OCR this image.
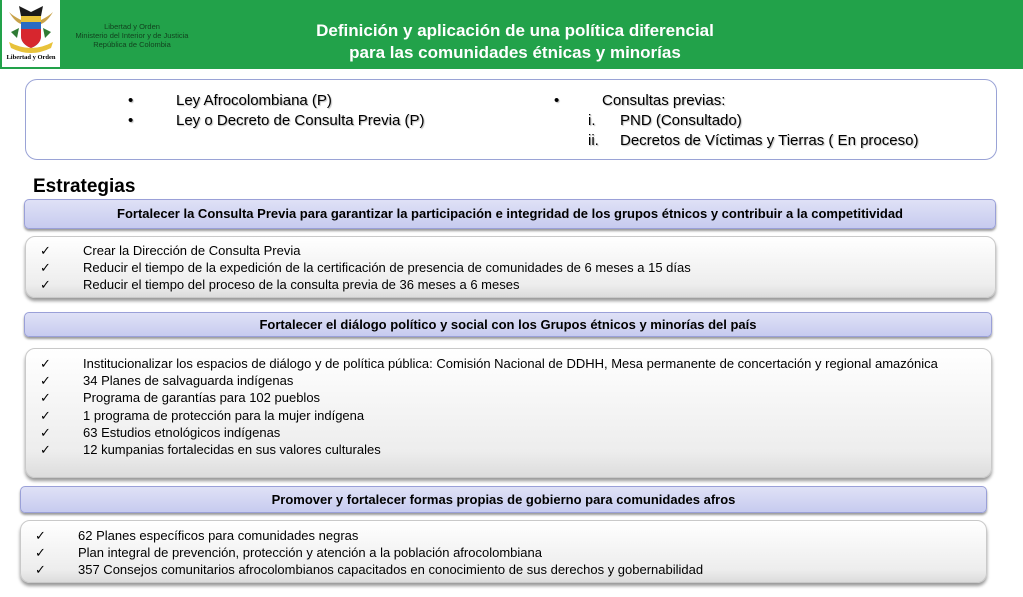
Libertad y Orden
Libertad y Orden
Ministerio del Interior y de Justicia
República de Colombia
Definición y aplicación de una política diferencial
para las comunidades étnicas y minorías
•	Ley Afrocolombiana (P)
•	Ley o Decreto de Consulta Previa (P)
•	Consultas previas:
i. PND (Consultado)
ii. Decretos de Víctimas y Tierras ( En proceso)
Estrategias
Fortalecer la Consulta Previa para garantizar la participación e integridad de los grupos étnicos y contribuir a la competitividad
✓ Crear la Dirección de Consulta Previa
✓ Reducir el tiempo de la expedición de la certificación de presencia de comunidades de 6 meses a 15 días
✓ Reducir el tiempo del proceso de la consulta previa de 36 meses a 6 meses
Fortalecer el diálogo político y social con los Grupos étnicos y minorías del país
✓ Institucionalizar los espacios de diálogo y de política pública: Comisión Nacional de DDHH, Mesa permanente de concertación y regional amazónica
✓ 34 Planes de salvaguarda indígenas
✓ Programa de garantías para 102 pueblos
✓ 1 programa de protección para la mujer indígena
✓ 63 Estudios etnológicos indígenas
✓ 12 kumpanias fortalecidas en sus valores culturales
Promover y fortalecer formas propias de gobierno para comunidades afros
✓ 62 Planes específicos para comunidades negras
✓ Plan integral de prevención, protección y atención a la población afrocolombiana
✓ 357 Consejos comunitarios afrocolombianos capacitados en conocimiento de sus derechos y gobernabilidad
